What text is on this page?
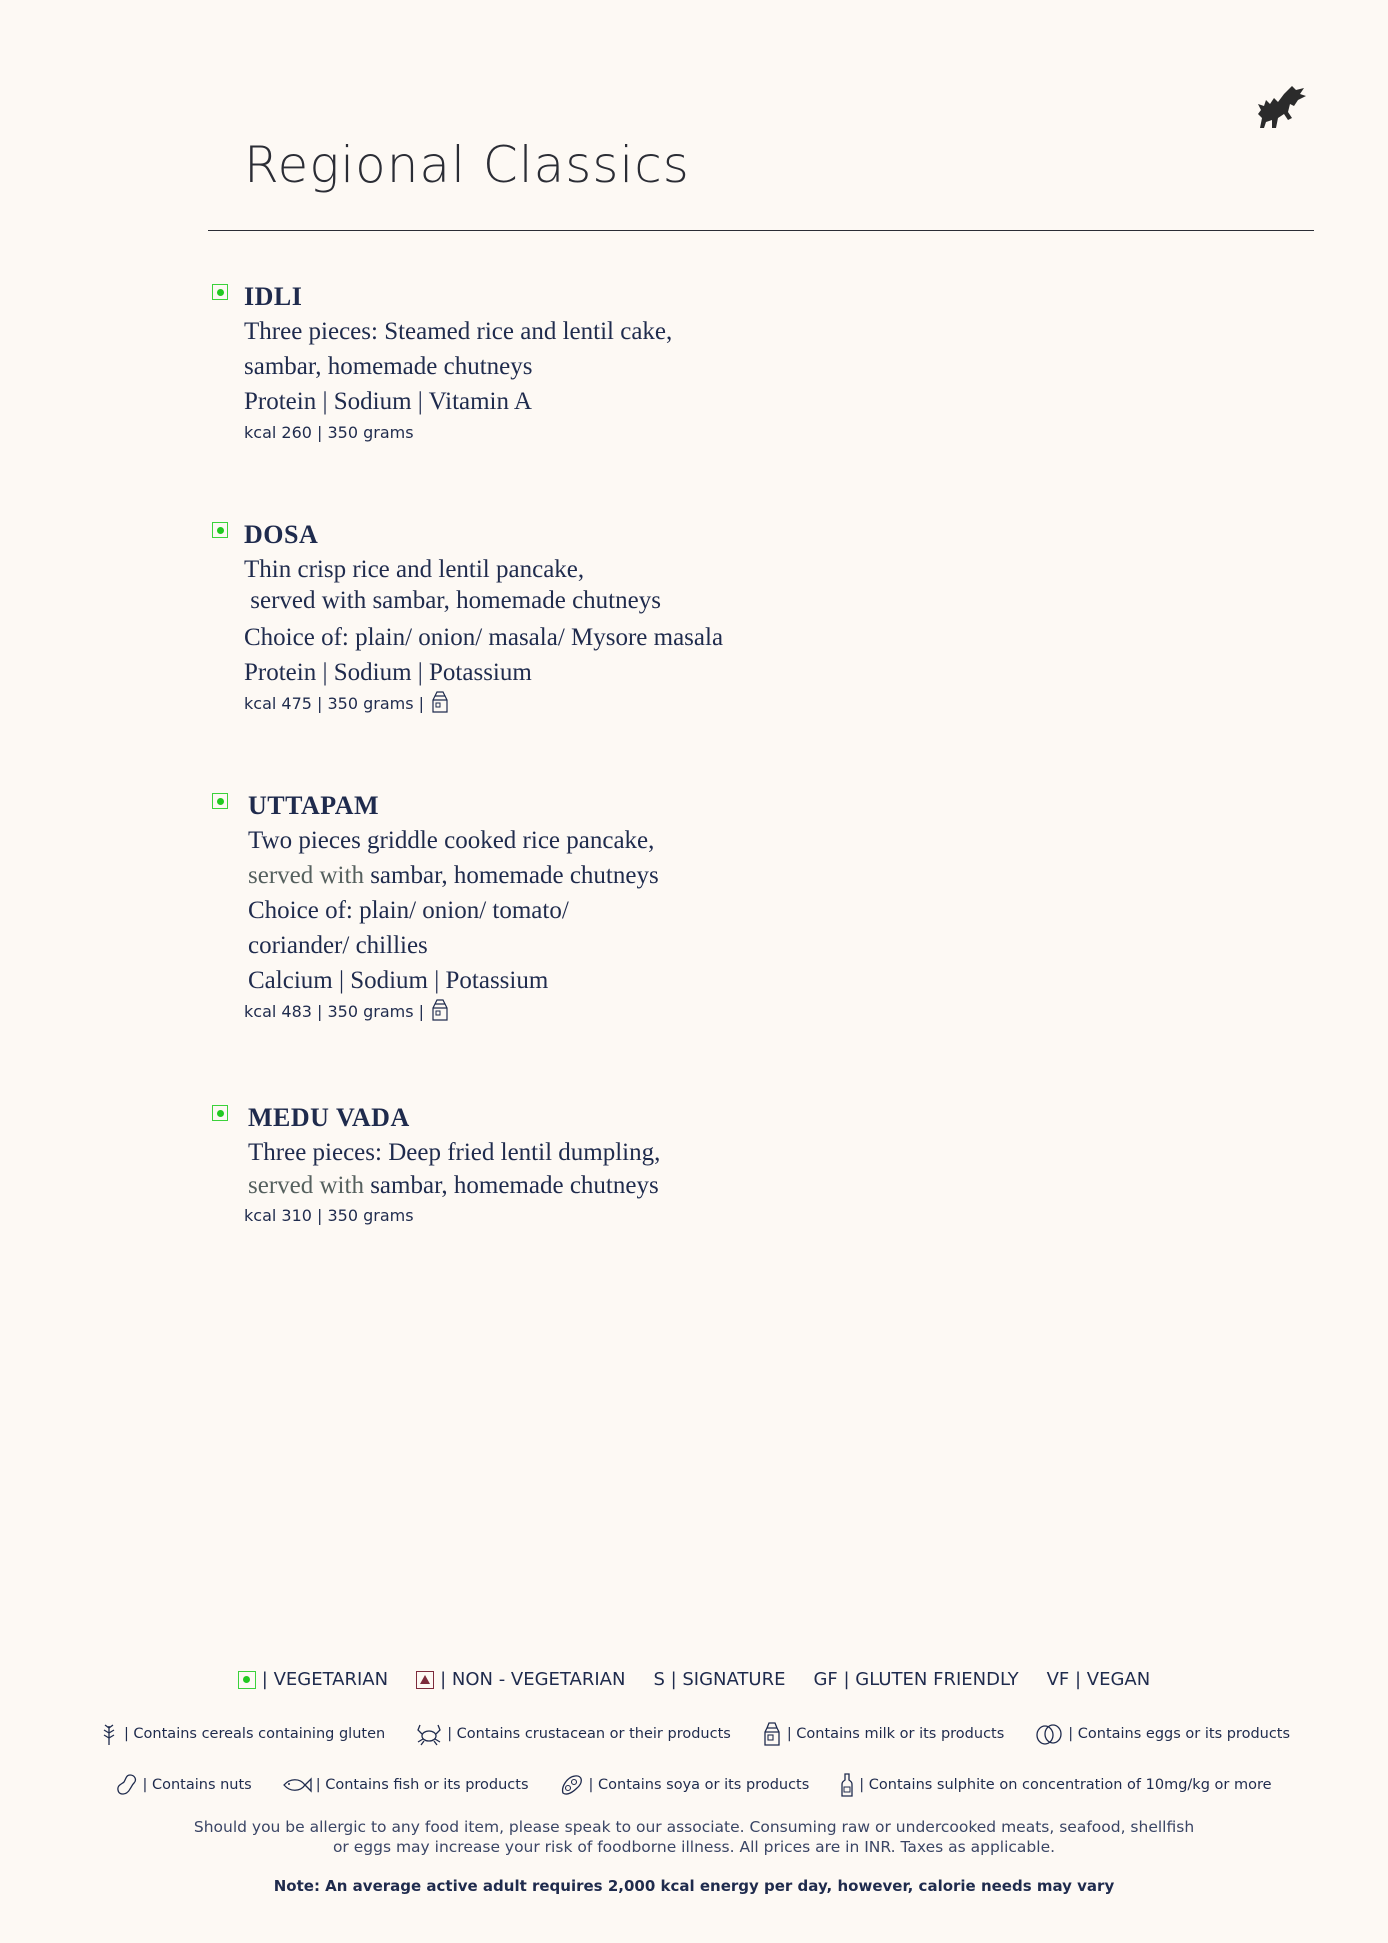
Regional Classics
IDLI
Three pieces: Steamed rice and lentil cake,
sambar, homemade chutneys
Protein | Sodium | Vitamin A
kcal 260 | 350 grams
DOSA
Thin crisp rice and lentil pancake,
served with sambar, homemade chutneys
Choice of: plain/ onion/ masala/ Mysore masala
Protein | Sodium | Potassium
kcal 475 | 350 grams |
UTTAPAM
Two pieces griddle cooked rice pancake,
served with sambar, homemade chutneys
Choice of: plain/ onion/ tomato/
coriander/ chillies
Calcium | Sodium | Potassium
kcal 483 | 350 grams |
MEDU VADA
Three pieces: Deep fried lentil dumpling,
served with sambar, homemade chutneys
kcal 310 | 350 grams
| VEGETARIAN	| NON - VEGETARIAN S | SIGNATURE GF | GLUTEN FRIENDLY VF | VEGAN
| Contains cereals containing gluten	| Contains crustacean or their products	| Contains milk or its products	| Contains eggs or its products
| Contains nuts	| Contains fish or its products	| Contains soya or its products	| Contains sulphite on concentration of 10mg/kg or more
Should you be allergic to any food item, please speak to our associate. Consuming raw or undercooked meats, seafood, shellfish
or eggs may increase your risk of foodborne illness. All prices are in INR. Taxes as applicable.
Note: An average active adult requires 2,000 kcal energy per day, however, calorie needs may vary
